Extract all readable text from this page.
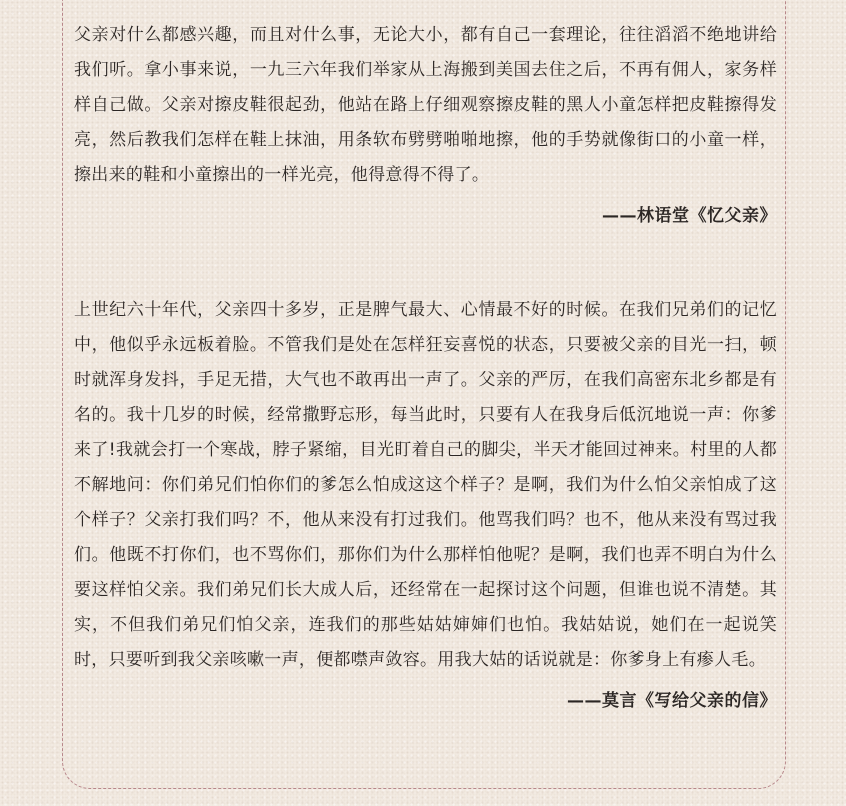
父亲对什么都感兴趣，而且对什么事，无论大小，都有自己一套理论，往往滔滔不绝地讲给我们听。拿小事来说，一九三六年我们举家从上海搬到美国去住之后，不再有佣人，家务样样自己做。父亲对擦皮鞋很起劲，他站在路上仔细观察擦皮鞋的黑人小童怎样把皮鞋擦得发亮，然后教我们怎样在鞋上抹油，用条软布劈劈啪啪地擦，他的手势就像街口的小童一样，擦出来的鞋和小童擦出的一样光亮，他得意得不得了。

——林语堂《忆父亲》

上世纪六十年代，父亲四十多岁，正是脾气最大、心情最不好的时候。在我们兄弟们的记忆中，他似乎永远板着脸。不管我们是处在怎样狂妄喜悦的状态，只要被父亲的目光一扫，顿时就浑身发抖，手足无措，大气也不敢再出一声了。父亲的严厉，在我们高密东北乡都是有名的。我十几岁的时候，经常撒野忘形，每当此时，只要有人在我身后低沉地说一声：你爹来了!我就会打一个寒战，脖子紧缩，目光盯着自己的脚尖，半天才能回过神来。村里的人都不解地问：你们弟兄们怕你们的爹怎么怕成这这个样子？是啊，我们为什么怕父亲怕成了这个样子？父亲打我们吗？不，他从来没有打过我们。他骂我们吗？也不，他从来没有骂过我们。他既不打你们，也不骂你们，那你们为什么那样怕他呢？是啊，我们也弄不明白为什么要这样怕父亲。我们弟兄们长大成人后，还经常在一起探讨这个问题，但谁也说不清楚。其实，不但我们弟兄们怕父亲，连我们的那些姑姑婶婶们也怕。我姑姑说，她们在一起说笑时，只要听到我父亲咳嗽一声，便都噤声敛容。用我大姑的话说就是：你爹身上有瘆人毛。

——莫言《写给父亲的信》
